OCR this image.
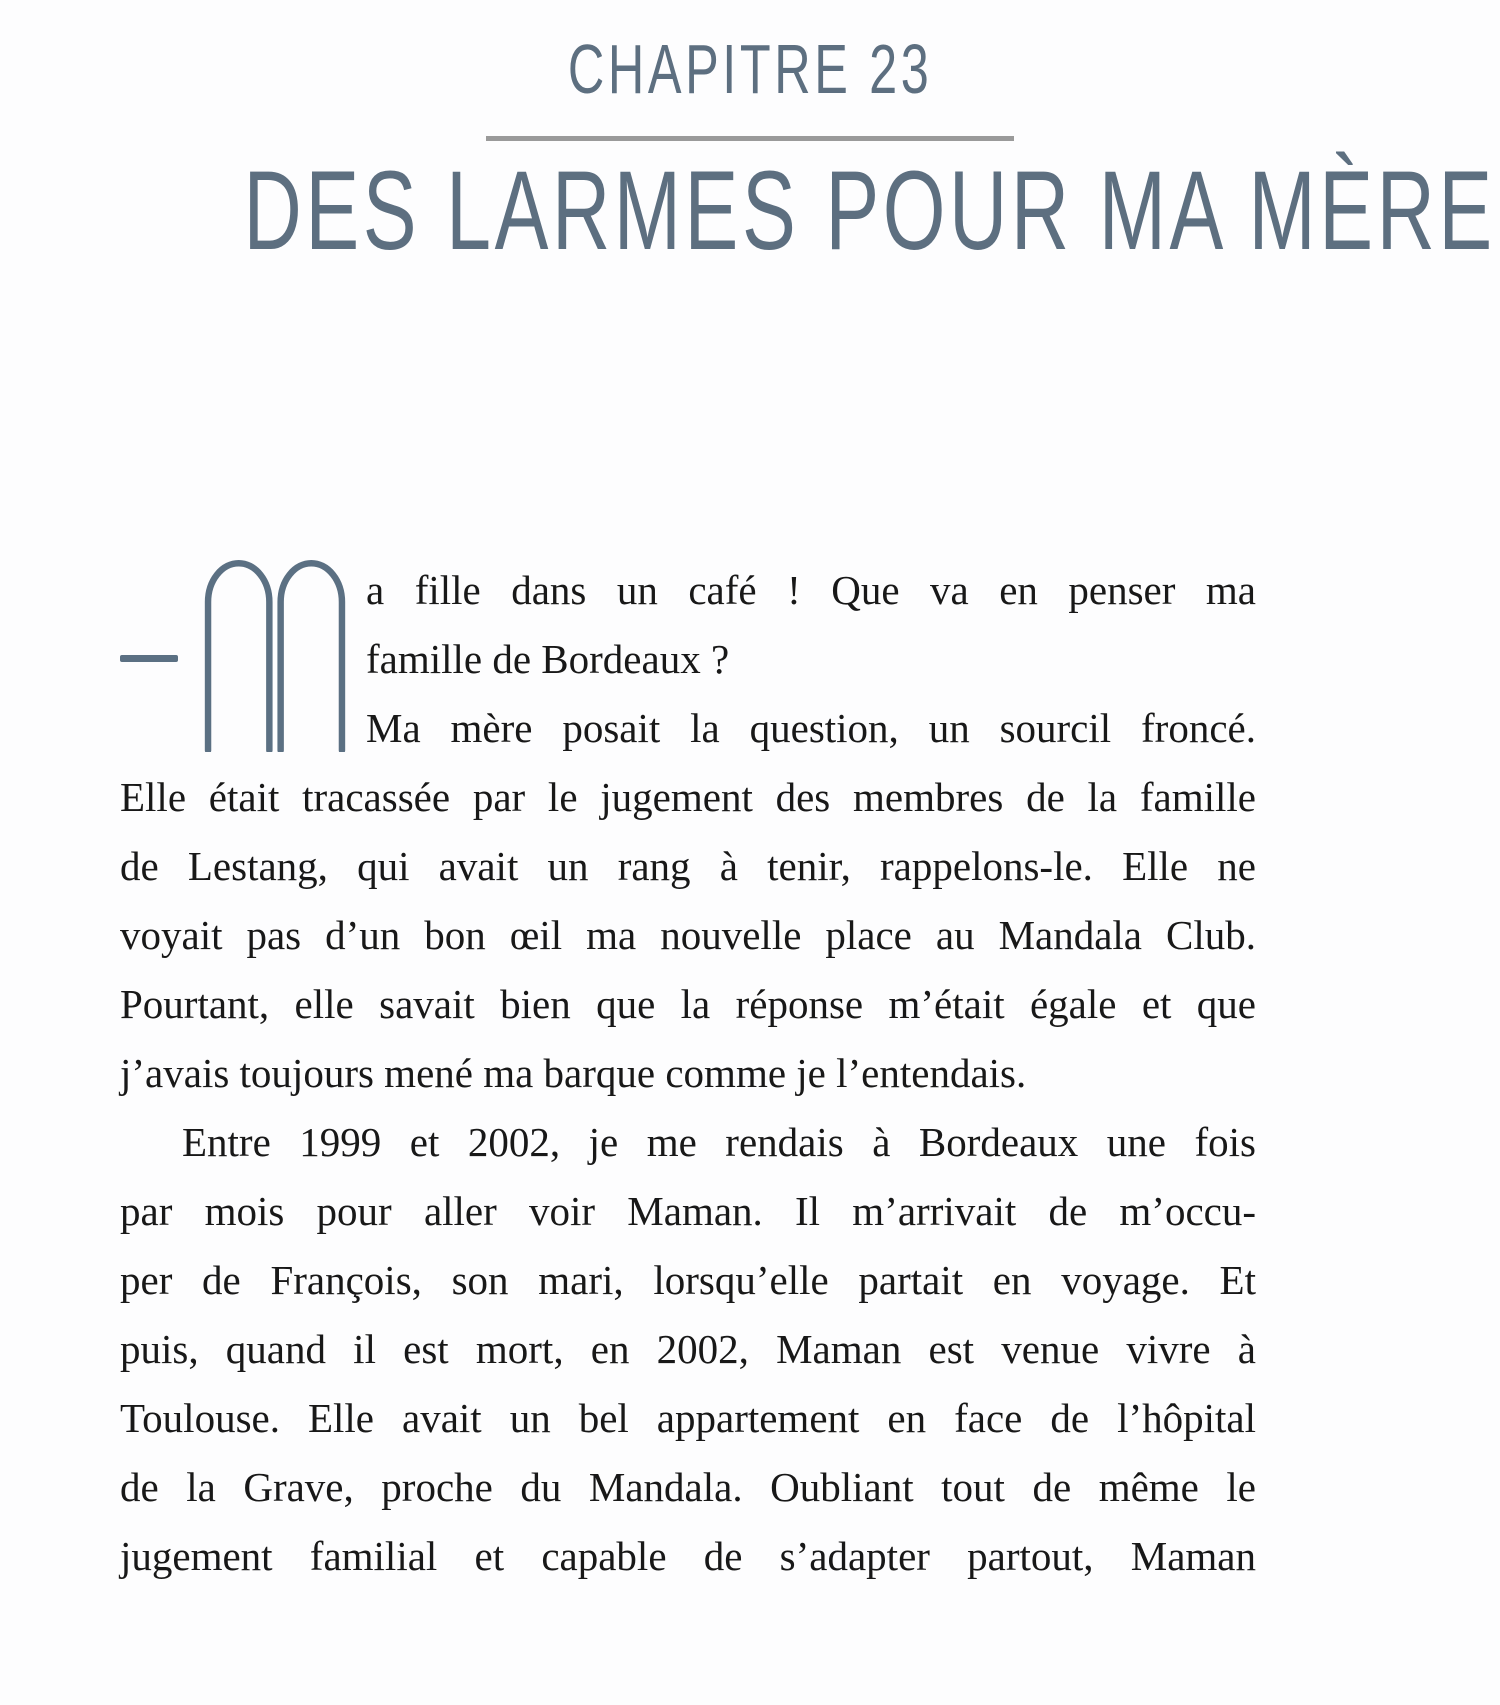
CHAPITRE 23
DES LARMES POUR MA MÈRE
a fille dans un café ! Que va en penser ma
famille de Bordeaux ?
Ma mère posait la question, un sourcil froncé.
Elle était tracassée par le jugement des membres de la famille
de Lestang, qui avait un rang à tenir, rappelons-le. Elle ne
voyait pas d’un bon œil ma nouvelle place au Mandala Club.
Pourtant, elle savait bien que la réponse m’était égale et que
j’avais toujours mené ma barque comme je l’entendais.
Entre 1999 et 2002, je me rendais à Bordeaux une fois
par mois pour aller voir Maman. Il m’arrivait de m’occu-
per de François, son mari, lorsqu’elle partait en voyage. Et
puis, quand il est mort, en 2002, Maman est venue vivre à
Toulouse. Elle avait un bel appartement en face de l’hôpital
de la Grave, proche du Mandala. Oubliant tout de même le
jugement familial et capable de s’adapter partout, Maman
